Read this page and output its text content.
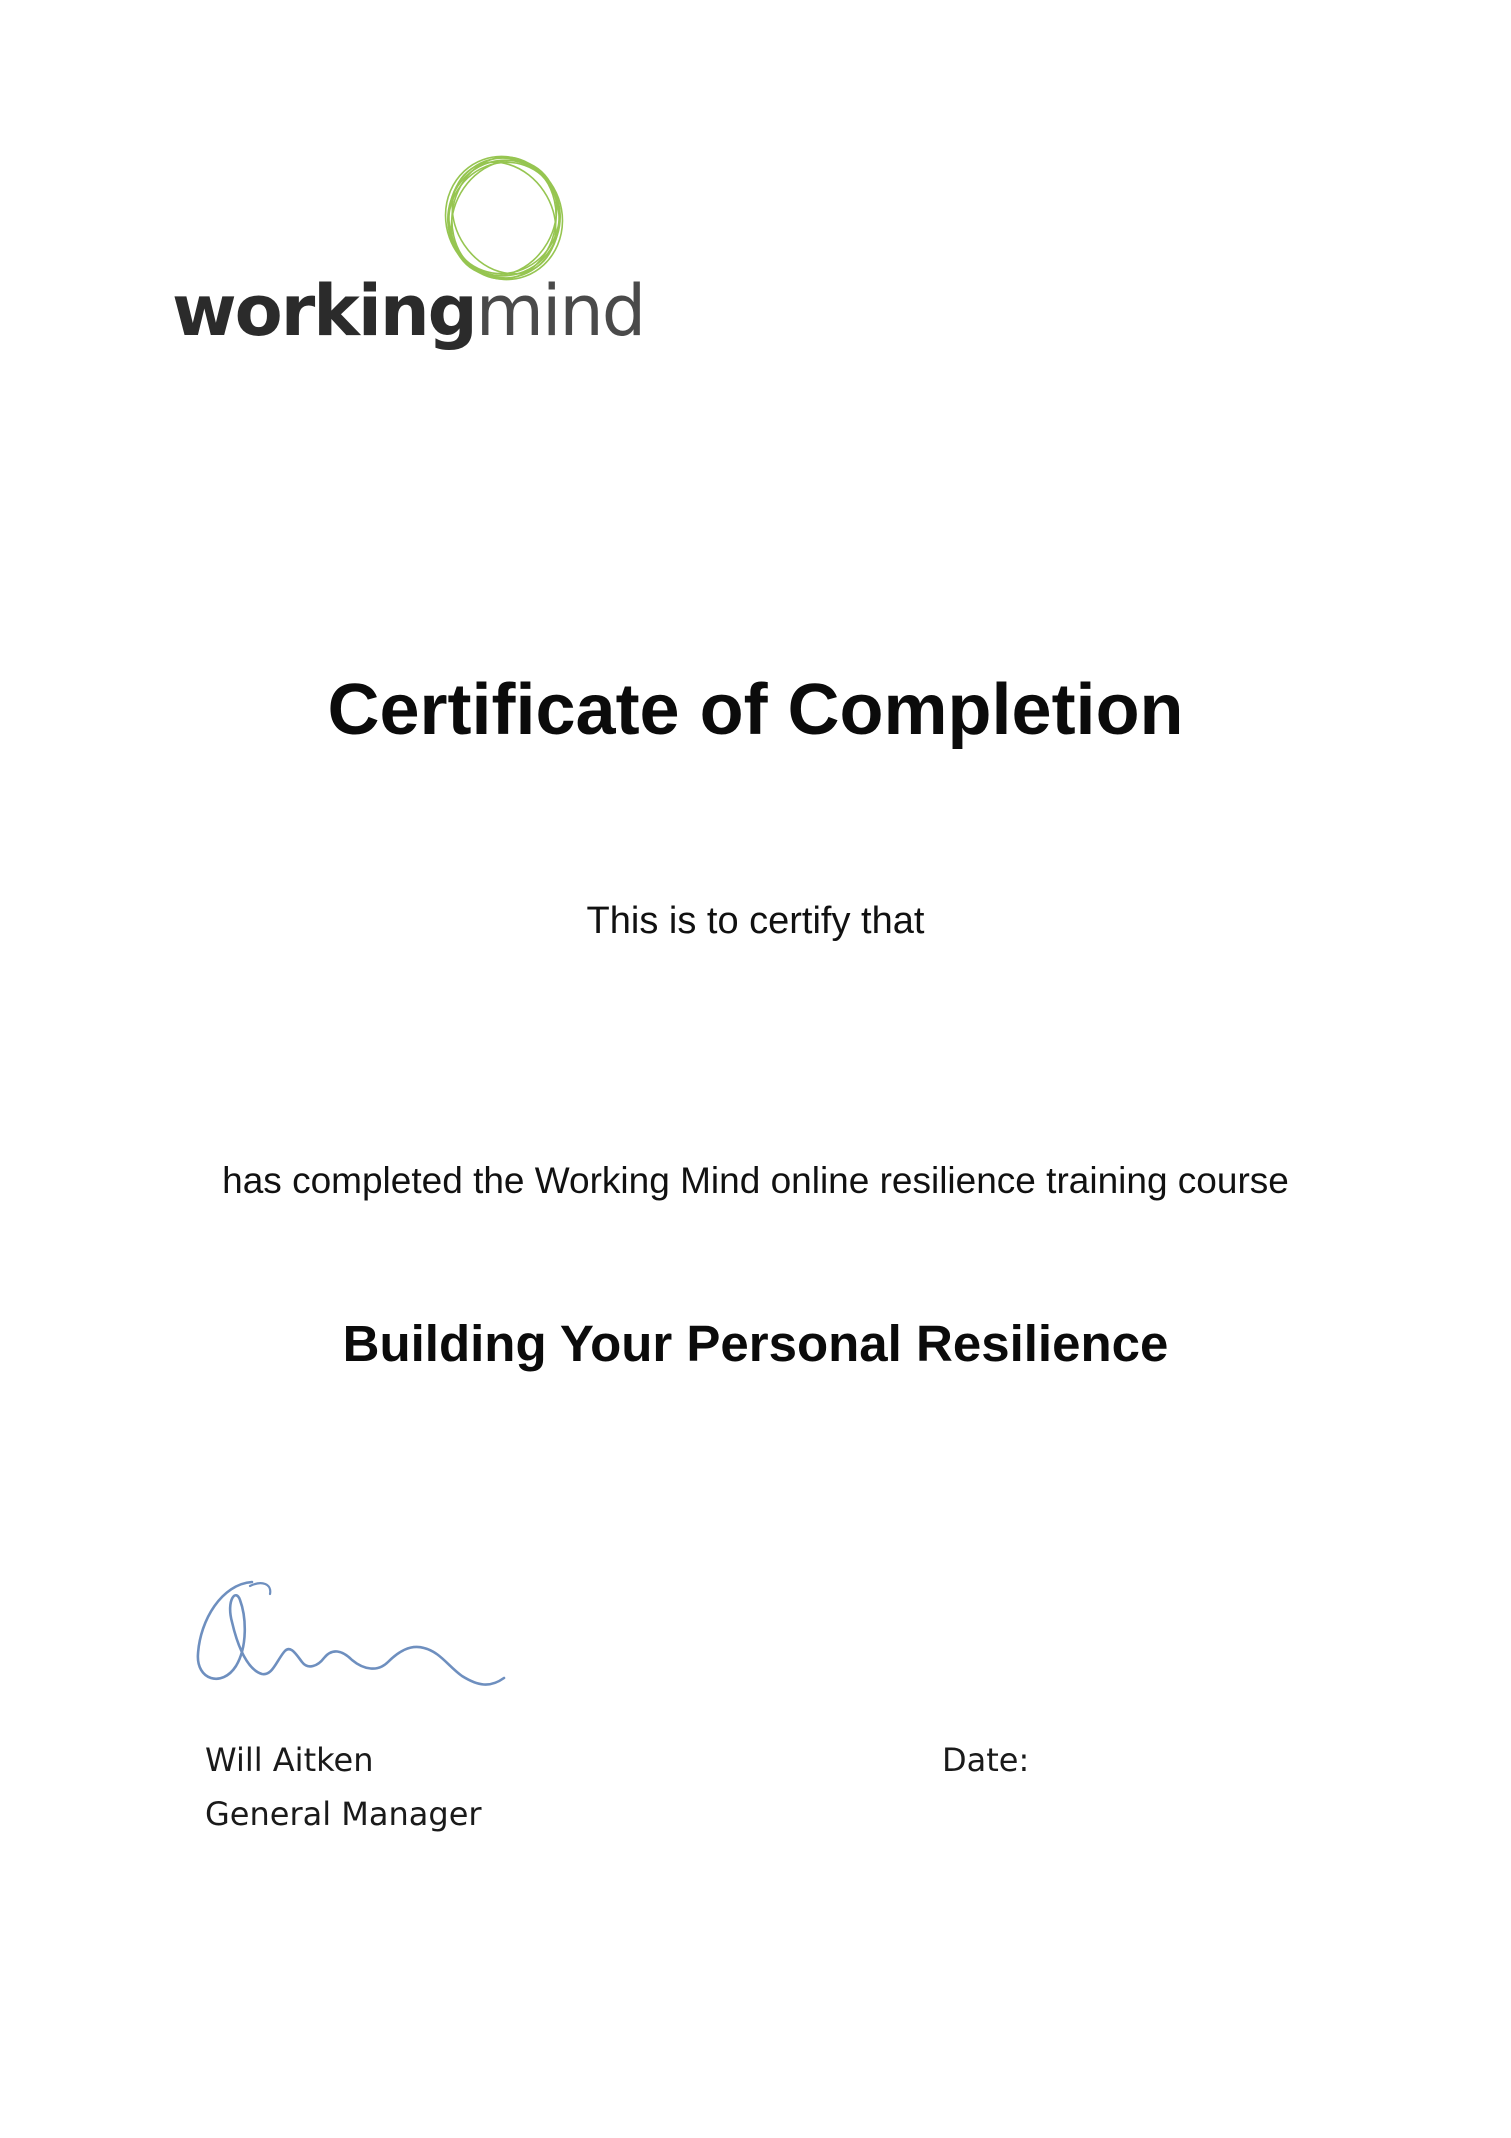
workingmind
Certificate of Completion
This is to certify that
has completed the Working Mind online resilience training course
Building Your Personal Resilience
Will Aitken
General Manager
Date:
